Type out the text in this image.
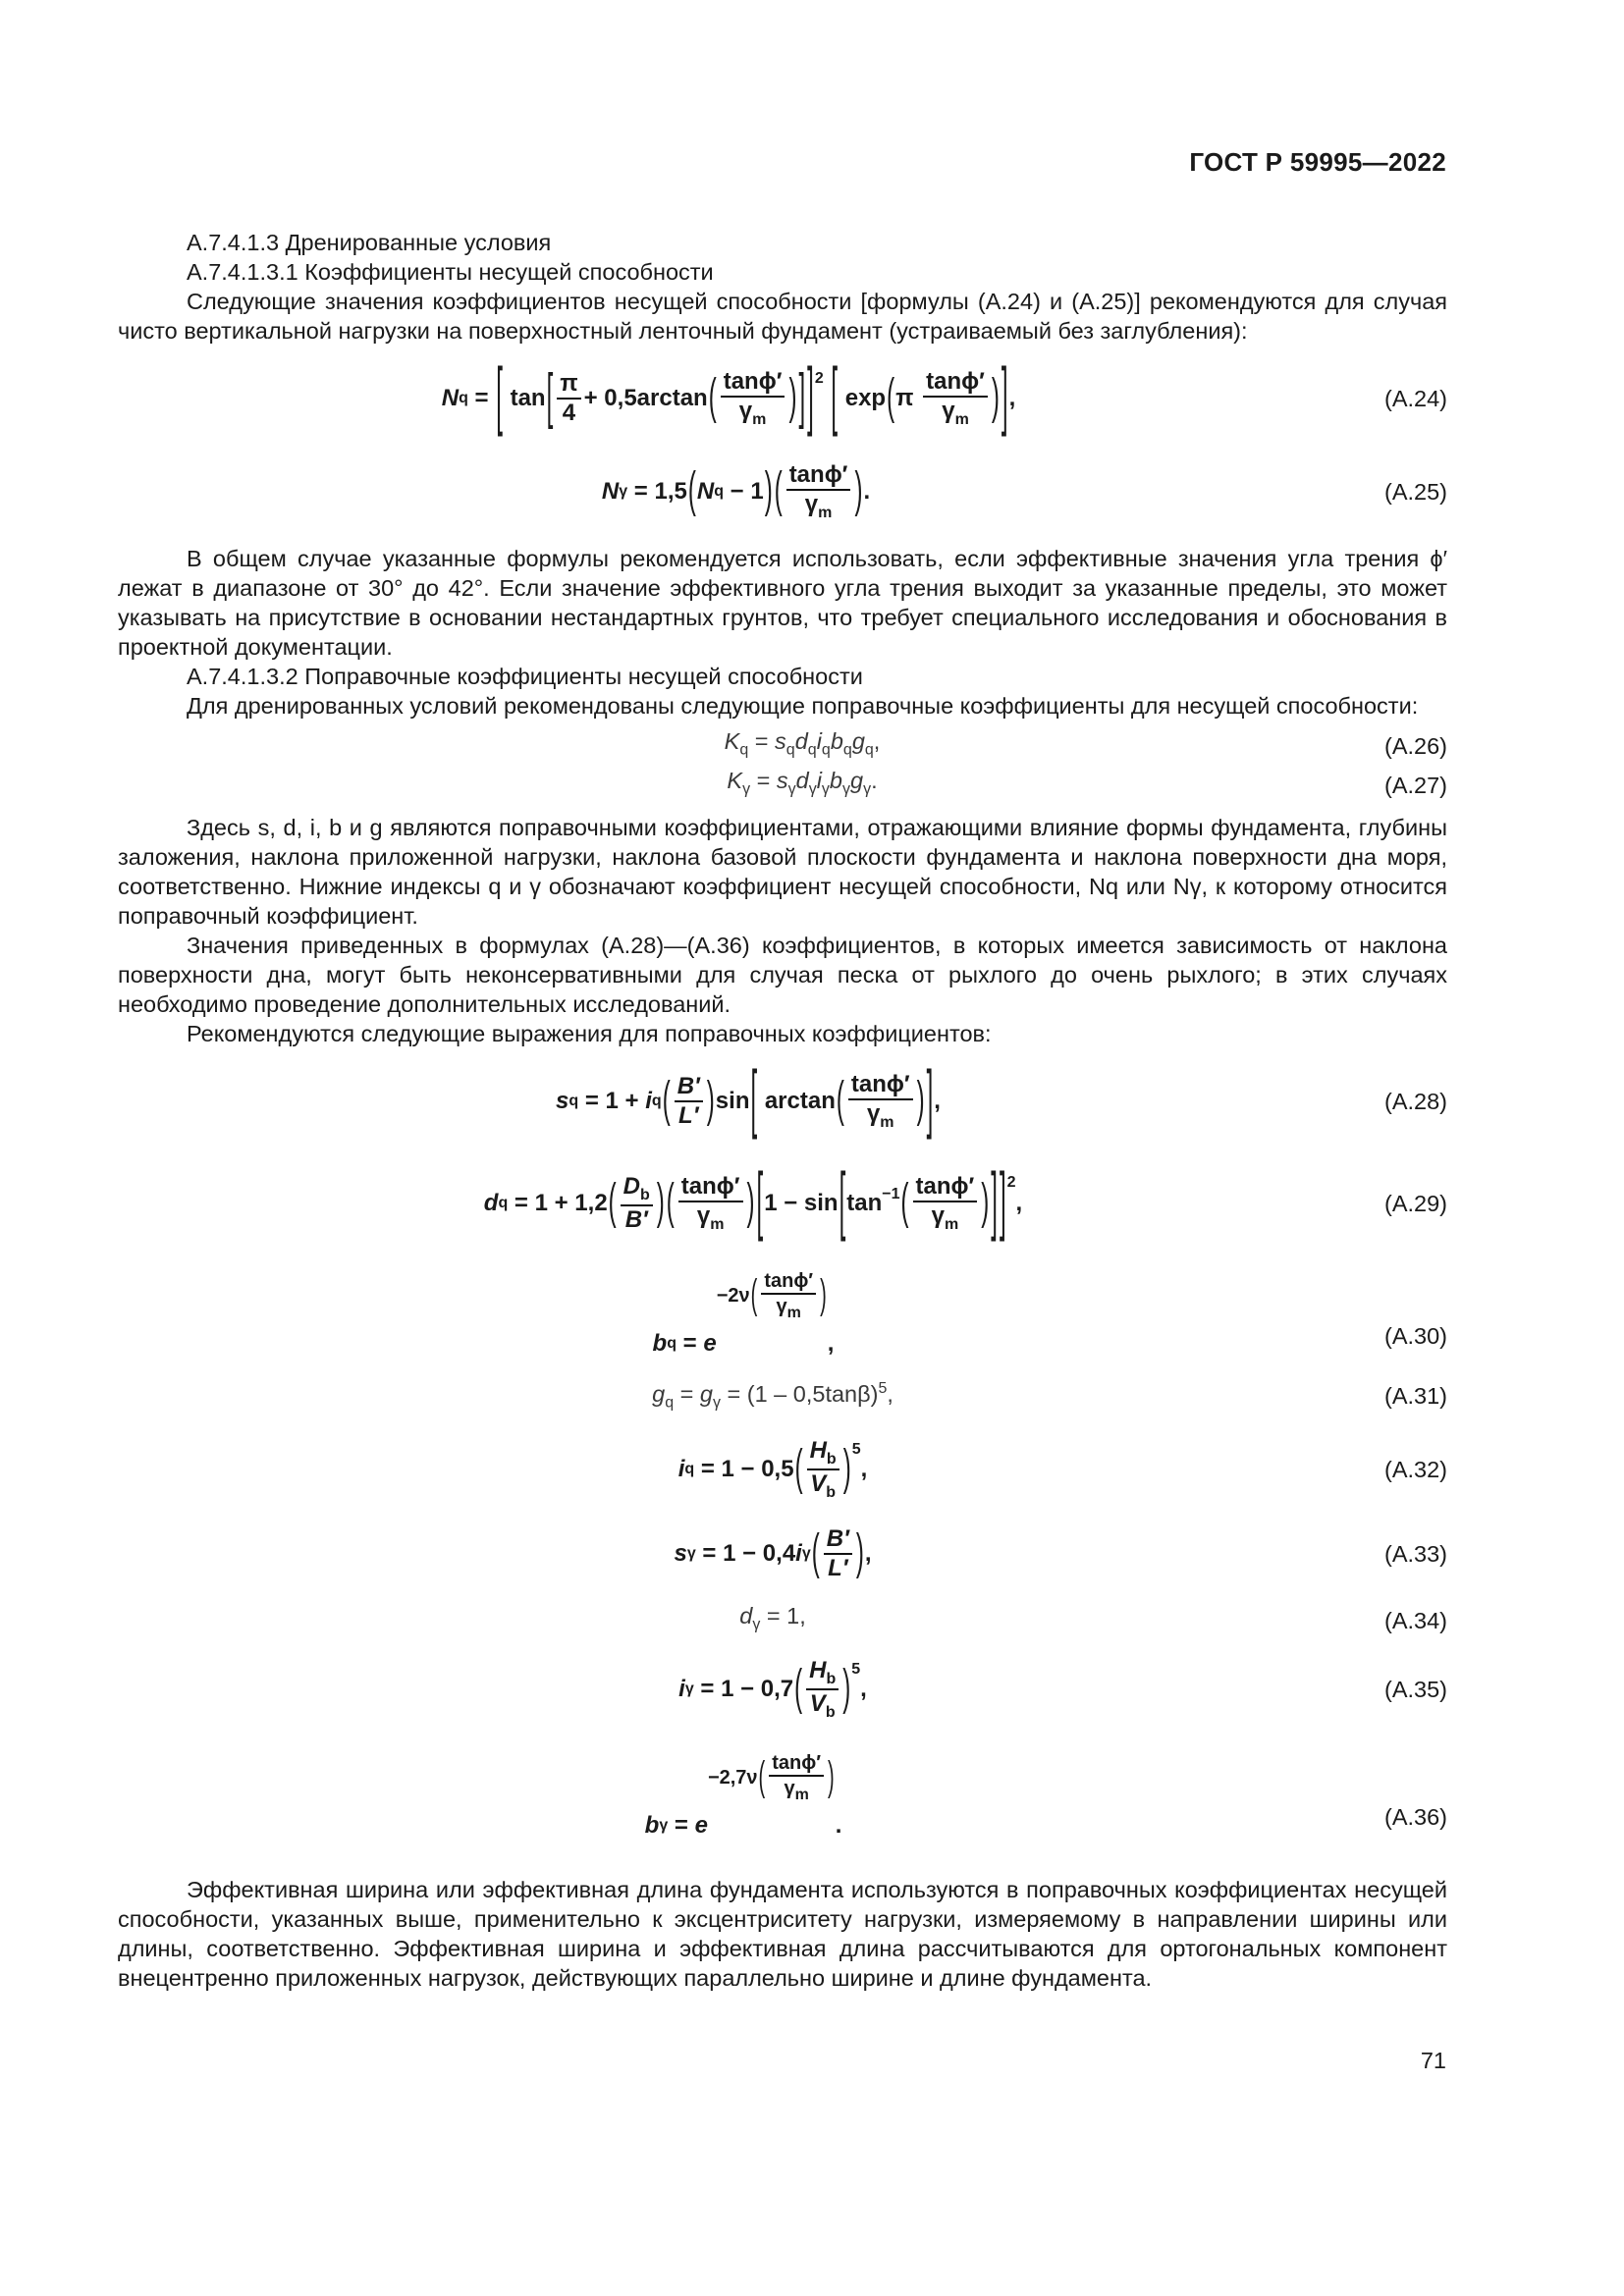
ГОСТ Р 59995—2022

А.7.4.1.3 Дренированные условия

А.7.4.1.3.1 Коэффициенты несущей способности

Следующие значения коэффициентов несущей способности [формулы (А.24) и (А.25)] рекомендуются для случая чисто вертикальной нагрузки на поверхностный ленточный фундамент (устраиваемый без заглубления):

N q = [ tan [ $\frac{\pi}{4} + 0,5\arctan$ ( $\frac{\tan\phi'}{\gamma_m}$ ) ] ]$^2$
[ exp ( π $\frac{\tan\phi'}{\gamma_m}$ ) ] ,	(А.24)
N γ = 1,5 ( N q − 1 ) ( $\frac{\tan\phi'}{\gamma_m}$ ) .	(А.25)

В общем случае указанные формулы рекомендуется использовать, если эффективные значения угла трения ϕ′ лежат в диапазоне от 30° до 42°. Если значение эффективного угла трения выходит за указанные пределы, это может указывать на присутствие в основании нестандартных грунтов, что требует специального исследования и обоснования в проектной документации.

А.7.4.1.3.2 Поправочные коэффициенты несущей способности

Для дренированных условий рекомендованы следующие поправочные коэффициенты для несущей способности:

$K_q = s_qd_qi_qb_qg_q$,	(А.26)
$K_\gamma = s_\gamma d_\gamma i_\gamma b_\gamma g_\gamma$.	(А.27)

Здесь s, d, i, b и g являются поправочными коэффициентами, отражающими влияние формы фундамента, глубины заложения, наклона приложенной нагрузки, наклона базовой плоскости фундамента и наклона поверхности дна моря, соответственно. Нижние индексы q и γ обозначают коэффициент несущей способности, Nq или Nγ, к которому относится поправочный коэффициент.

Значения приведенных в формулах (А.28)—(А.36) коэффициентов, в которых имеется зависимость от наклона поверхности дна, могут быть неконсервативными для случая песка от рыхлого до очень рыхлого; в этих случаях необходимо проведение дополнительных исследований.

Рекомендуются следующие выражения для поправочных коэффициентов:

s q = 1 + i q ( $\frac{B'}{L'}$ ) sin [ arctan ( $\frac{\tan\phi'}{\gamma_m}$ ) ] ,	(А.28)
d q = 1 + 1,2 ( $\frac{D_b}{B'}$ ) ( $\frac{\tan\phi'}{\gamma_m}$ ) [ 1 − sin [ $\tan^{-1}$ ( $\frac{\tan\phi'}{\gamma_m}$ ) ] ]$^2$
,	(А.29)
b q = e
−2ν ( $\frac{\tan\phi'}{\gamma_m}$ )
,	(А.30)
$g_q = g_\gamma = (1 - 0,5\tan\beta)^5$,	(А.31)
i q = 1 − 0,5 ( $\frac{H_b}{V_b} )^5$
,	(А.32)
s γ = 1 − 0,4 i γ ( $\frac{B'}{L'}$ ) ,	(А.33)
$d_\gamma = 1$,	(А.34)
i γ = 1 − 0,7 ( $\frac{H_b}{V_b} )^5$
,	(А.35)
b γ = e
−2,7ν ( $\frac{\tan\phi'}{\gamma_m}$ )
.	(А.36)

Эффективная ширина или эффективная длина фундамента используются в поправочных коэффициентах несущей способности, указанных выше, применительно к эксцентриситету нагрузки, измеряемому в направлении ширины или длины, соответственно. Эффективная ширина и эффективная длина рассчитываются для ортогональных компонент внецентренно приложенных нагрузок, действующих параллельно ширине и длине фундамента.

71
